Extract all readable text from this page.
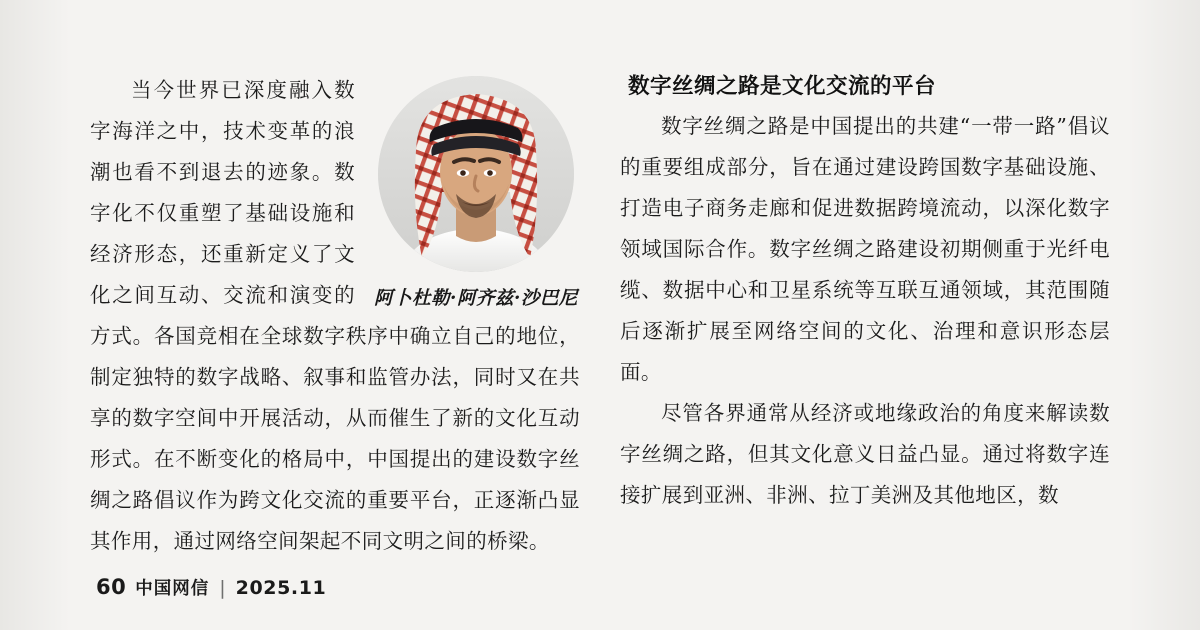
阿卜杜勒·阿齐兹·沙巴尼

当今世界已深度融入数字海洋之中，技术变革的浪潮也看不到退去的迹象。数字化不仅重塑了基础设施和经济形态，还重新定义了文化之间互动、交流和演变的方式。各国竞相在全球数字秩序中确立自己的地位，制定独特的数字战略、叙事和监管办法，同时又在共享的数字空间中开展活动，从而催生了新的文化互动形式。在不断变化的格局中，中国提出的建设数字丝绸之路倡议作为跨文化交流的重要平台，正逐渐凸显其作用，通过网络空间架起不同文明之间的桥梁。

数字丝绸之路是文化交流的平台

数字丝绸之路是中国提出的共建“一带一路”倡议的重要组成部分，旨在通过建设跨国数字基础设施、打造电子商务走廊和促进数据跨境流动，以深化数字领域国际合作。数字丝绸之路建设初期侧重于光纤电缆、数据中心和卫星系统等互联互通领域，其范围随后逐渐扩展至网络空间的文化、治理和意识形态层面。

尽管各界通常从经济或地缘政治的角度来解读数字丝绸之路，但其文化意义日益凸显。通过将数字连接扩展到亚洲、非洲、拉丁美洲及其他地区，数

60 中国网信 | 2025.11
